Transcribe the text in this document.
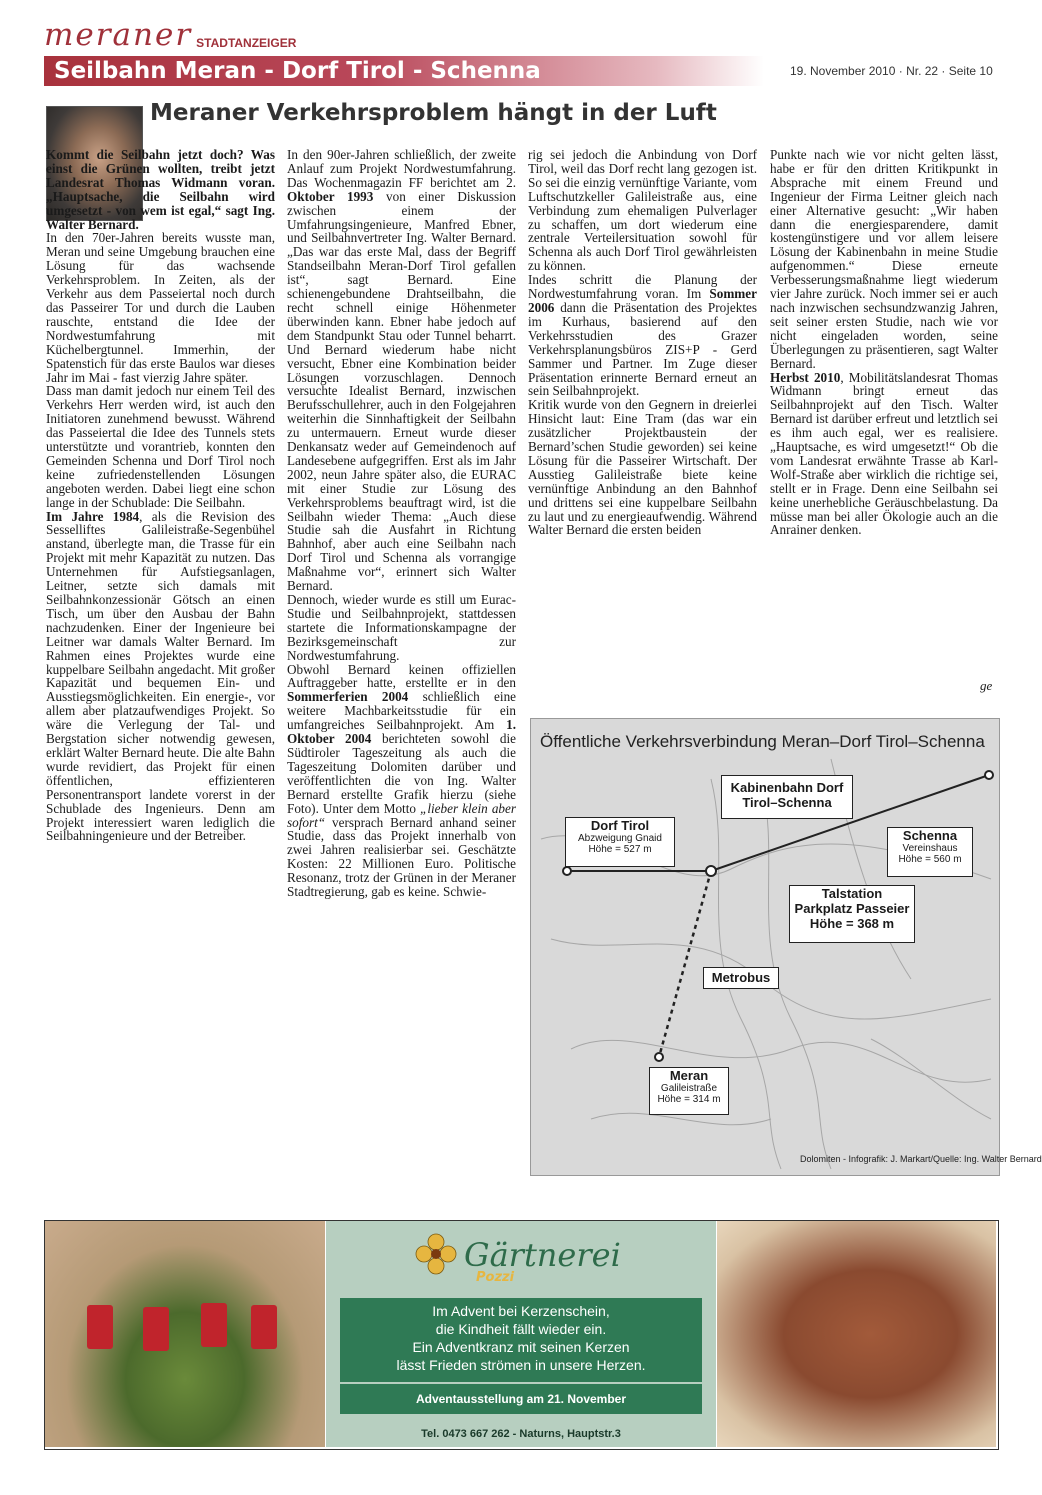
meraner STADTANZEIGER
Seilbahn Meran - Dorf Tirol - Schenna	19. November 2010 · Nr. 22 · Seite 10
Meraner Verkehrsproblem hängt in der Luft

Kommt die Seilbahn jetzt doch? Was einst die Grünen wollten, treibt jetzt Landesrat Thomas Widmann voran. „Hauptsache, die Seilbahn wird umgesetzt - von wem ist egal,“ sagt Ing. Walter Bernard.

In den 70er-Jahren bereits wusste man, Meran und seine Umgebung brauchen eine Lösung für das wachsende Verkehrsproblem. In Zeiten, als der Verkehr aus dem Passeiertal noch durch das Passeirer Tor und durch die Lauben rauschte, entstand die Idee der Nordwestumfahrung mit Küchelbergtunnel. Immerhin, der Spatenstich für das erste Baulos war dieses Jahr im Mai - fast vierzig Jahre später.

Dass man damit jedoch nur einem Teil des Verkehrs Herr werden wird, ist auch den Initiatoren zunehmend bewusst. Während das Passeiertal die Idee des Tunnels stets unterstützte und vorantrieb, konnten den Gemeinden Schenna und Dorf Tirol noch keine zufriedenstellenden Lösungen angeboten werden. Dabei liegt eine schon lange in der Schublade: Die Seilbahn.

Im Jahre 1984, als die Revision des Sesselliftes Galileistraße-Segenbühel anstand, überlegte man, die Trasse für ein Projekt mit mehr Kapazität zu nutzen. Das Unternehmen für Aufstiegsanlagen, Leitner, setzte sich damals mit Seilbahnkonzessionär Götsch an einen Tisch, um über den Ausbau der Bahn nachzudenken. Einer der Ingenieure bei Leitner war damals Walter Bernard. Im Rahmen eines Projektes wurde eine kuppelbare Seilbahn angedacht. Mit großer Kapazität und bequemen Ein- und Ausstiegsmöglichkeiten. Ein energie-, vor allem aber platzaufwendiges Projekt. So wäre die Verlegung der Tal- und Bergstation sicher notwendig gewesen, erklärt Walter Bernard heute. Die alte Bahn wurde revidiert, das Projekt für einen öffentlichen, effizienteren Personentransport landete vorerst in der Schublade des Ingenieurs. Denn am Projekt interessiert waren lediglich die Seilbahningenieure und der Betreiber.

In den 90er-Jahren schließlich, der zweite Anlauf zum Projekt Nordwestumfahrung. Das Wochenmagazin FF berichtet am 2. Oktober 1993 von einer Diskussion zwischen einem der Umfahrungsingenieure, Manfred Ebner, und Seilbahnvertreter Ing. Walter Bernard. „Das war das erste Mal, dass der Begriff Standseilbahn Meran-Dorf Tirol gefallen ist“, sagt Bernard. Eine schienengebundene Drahtseilbahn, die recht schnell einige Höhenmeter überwinden kann. Ebner habe jedoch auf dem Standpunkt Stau oder Tunnel beharrt. Und Bernard wiederum habe nicht versucht, Ebner eine Kombination beider Lösungen vorzuschlagen. Dennoch versuchte Idealist Bernard, inzwischen Berufsschullehrer, auch in den Folgejahren weiterhin die Sinnhaftigkeit der Seilbahn zu untermauern. Erneut wurde dieser Denkansatz weder auf Gemeindenoch auf Landesebene aufgegriffen. Erst als im Jahr 2002, neun Jahre später also, die EURAC mit einer Studie zur Lösung des Verkehrsproblems beauftragt wird, ist die Seilbahn wieder Thema: „Auch diese Studie sah die Ausfahrt in Richtung Bahnhof, aber auch eine Seilbahn nach Dorf Tirol und Schenna als vorrangige Maßnahme vor“, erinnert sich Walter Bernard.

Dennoch, wieder wurde es still um Eurac-Studie und Seilbahnprojekt, stattdessen startete die Informationskampagne der Bezirksgemeinschaft zur Nordwestumfahrung.

Obwohl Bernard keinen offiziellen Auftraggeber hatte, erstellte er in den Sommerferien 2004 schließlich eine weitere Machbarkeitsstudie für ein umfangreiches Seilbahnprojekt. Am 1. Oktober 2004 berichteten sowohl die Südtiroler Tageszeitung als auch die Tageszeitung Dolomiten darüber und veröffentlichten die von Ing. Walter Bernard erstellte Grafik hierzu (siehe Foto). Unter dem Motto „lieber klein aber sofort“ versprach Bernard anhand seiner Studie, dass das Projekt innerhalb von zwei Jahren realisierbar sei. Geschätzte Kosten: 22 Millionen Euro. Politische Resonanz, trotz der Grünen in der Meraner Stadtregierung, gab es keine. Schwie-

rig sei jedoch die Anbindung von Dorf Tirol, weil das Dorf recht lang gezogen ist. So sei die einzig vernünftige Variante, vom Luftschutzkeller Galileistraße aus, eine Verbindung zum ehemaligen Pulverlager zu schaffen, um dort wiederum eine zentrale Verteilersituation sowohl für Schenna als auch Dorf Tirol gewährleisten zu können.

Indes schritt die Planung der Nordwestumfahrung voran. Im Sommer 2006 dann die Präsentation des Projektes im Kurhaus, basierend auf den Verkehrsstudien des Grazer Verkehrsplanungsbüros ZIS+P - Gerd Sammer und Partner. Im Zuge dieser Präsentation erinnerte Bernard erneut an sein Seilbahnprojekt.

Kritik wurde von den Gegnern in dreierlei Hinsicht laut: Eine Tram (das war ein zusätzlicher Projektbaustein der Bernard’schen Studie geworden) sei keine Lösung für die Passeirer Wirtschaft. Der Ausstieg Galileistraße biete keine vernünftige Anbindung an den Bahnhof und drittens sei eine kuppelbare Seilbahn zu laut und zu energieaufwendig. Während Walter Bernard die ersten beiden

Punkte nach wie vor nicht gelten lässt, habe er für den dritten Kritikpunkt in Absprache mit einem Freund und Ingenieur der Firma Leitner gleich nach einer Alternative gesucht: „Wir haben dann die energiesparendere, damit kostengünstigere und vor allem leisere Lösung der Kabinenbahn in meine Studie aufgenommen.“ Diese erneute Verbesserungsmaßnahme liegt wiederum vier Jahre zurück. Noch immer sei er auch nach inzwischen sechsundzwanzig Jahren, seit seiner ersten Studie, nach wie vor nicht eingeladen worden, seine Überlegungen zu präsentieren, sagt Walter Bernard.

Herbst 2010, Mobilitätslandesrat Thomas Widmann bringt erneut das Seilbahnprojekt auf den Tisch. Walter Bernard ist darüber erfreut und letztlich sei es ihm auch egal, wer es realisiere. „Hauptsache, es wird umgesetzt!“ Ob die vom Landesrat erwähnte Trasse ab Karl-Wolf-Straße aber wirklich die richtige sei, stellt er in Frage. Denn eine Seilbahn sei keine unerhebliche Geräuschbelastung. Da müsse man bei aller Ökologie auch an die Anrainer denken.

ge
Kabinenbahn Dorf Tirol–Schenna
Dorf Tirol
Abzweigung Gnaid
Höhe = 527 m
Schenna
Vereinshaus
Höhe = 560 m
Talstation
Parkplatz Passeier
Höhe = 368 m
Metrobus
Meran
Galileistraße
Höhe = 314 m
Öffentliche Verkehrsverbindung Meran–Dorf Tirol–Schenna
Dolomiten - Infografik: J. Markart/Quelle: Ing. Walter Bernard
Gärtnerei
Pozzi
Im Advent bei Kerzenschein,
die Kindheit fällt wieder ein.
Ein Adventkranz mit seinen Kerzen
lässt Frieden strömen in unsere Herzen.
Adventausstellung am 21. November
Tel. 0473 667 262 - Naturns, Hauptstr.3
